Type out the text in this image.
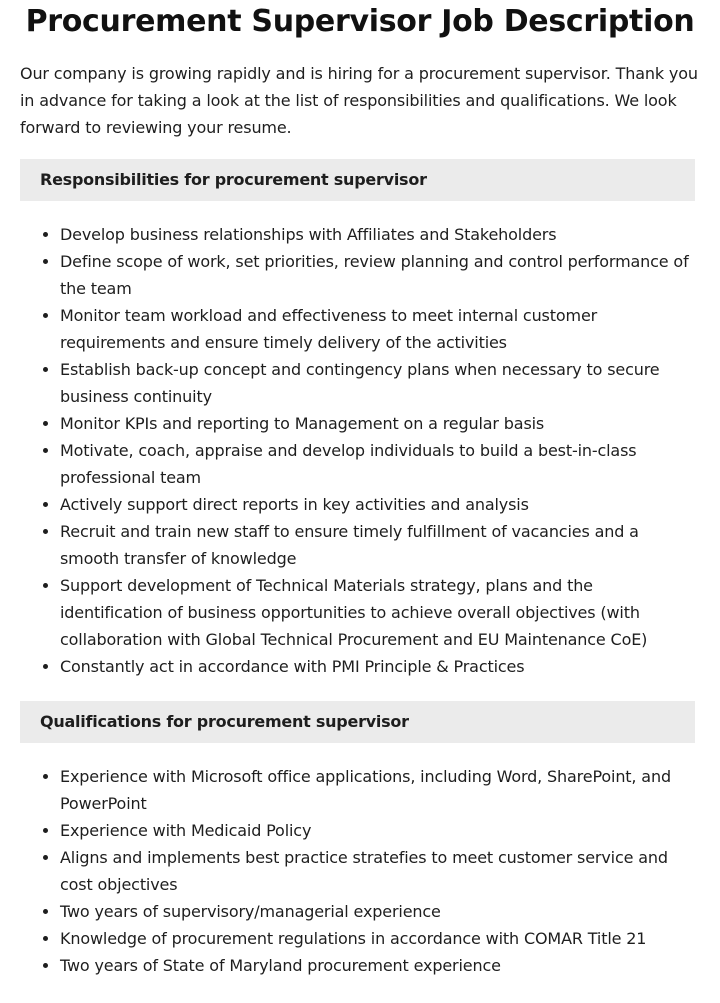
Procurement Supervisor Job Description

Our company is growing rapidly and is hiring for a procurement supervisor. Thank you in advance for taking a look at the list of responsibilities and qualifications. We look forward to reviewing your resume.

Responsibilities for procurement supervisor
Develop business relationships with Affiliates and Stakeholders
Define scope of work, set priorities, review planning and control performance of the team
Monitor team workload and effectiveness to meet internal customer requirements and ensure timely delivery of the activities
Establish back-up concept and contingency plans when necessary to secure business continuity
Monitor KPIs and reporting to Management on a regular basis
Motivate, coach, appraise and develop individuals to build a best-in-class professional team
Actively support direct reports in key activities and analysis
Recruit and train new staff to ensure timely fulfillment of vacancies and a smooth transfer of knowledge
Support development of Technical Materials strategy, plans and the identification of business opportunities to achieve overall objectives (with collaboration with Global Technical Procurement and EU Maintenance CoE)
Constantly act in accordance with PMI Principle & Practices
Qualifications for procurement supervisor
Experience with Microsoft office applications, including Word, SharePoint, and PowerPoint
Experience with Medicaid Policy
Aligns and implements best practice stratefies to meet customer service and cost objectives
Two years of supervisory/managerial experience
Knowledge of procurement regulations in accordance with COMAR Title 21
Two years of State of Maryland procurement experience
